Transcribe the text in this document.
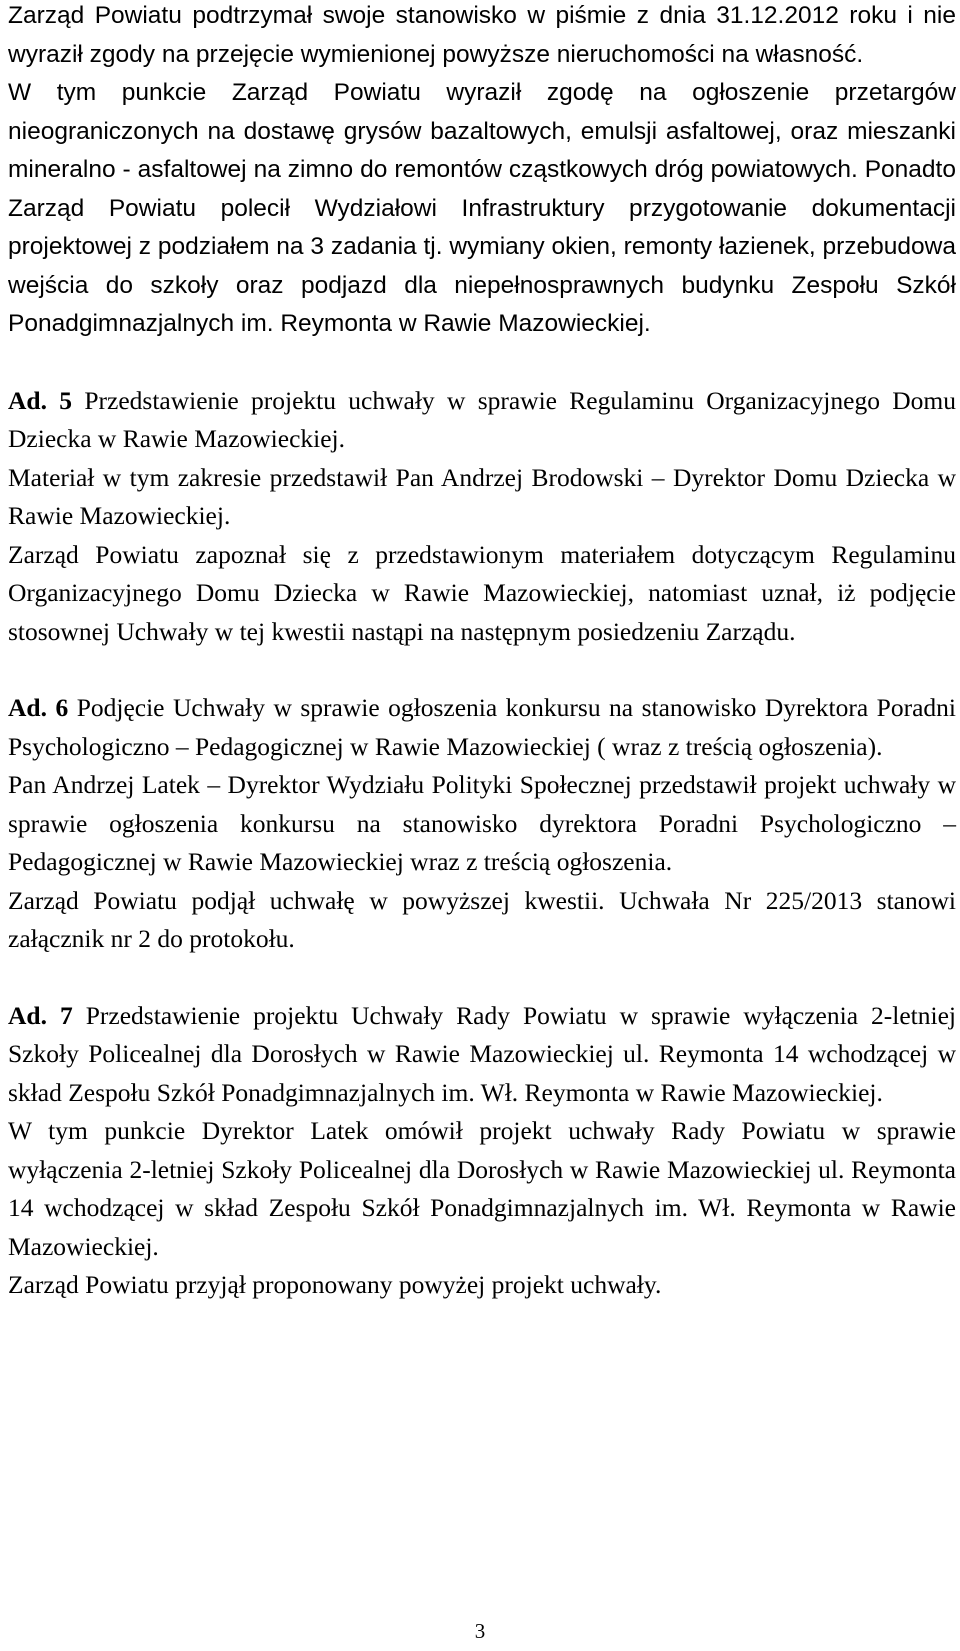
Zarząd Powiatu podtrzymał swoje stanowisko w piśmie z dnia 31.12.2012 roku i nie wyraził zgody na przejęcie wymienionej powyższe nieruchomości na własność.

W tym punkcie Zarząd Powiatu wyraził zgodę na ogłoszenie przetargów nieograniczonych na dostawę grysów bazaltowych, emulsji asfaltowej, oraz mieszanki mineralno - asfaltowej na zimno do remontów cząstkowych dróg powiatowych. Ponadto Zarząd Powiatu polecił Wydziałowi Infrastruktury przygotowanie dokumentacji projektowej z podziałem na 3 zadania tj. wymiany okien, remonty łazienek, przebudowa wejścia do szkoły oraz podjazd dla niepełnosprawnych budynku Zespołu Szkół Ponadgimnazjalnych im. Reymonta w Rawie Mazowieckiej.

Ad. 5 Przedstawienie projektu uchwały w sprawie Regulaminu Organizacyjnego Domu Dziecka w Rawie Mazowieckiej.

Materiał w tym zakresie przedstawił Pan Andrzej Brodowski – Dyrektor Domu Dziecka w Rawie Mazowieckiej.

Zarząd Powiatu zapoznał się z przedstawionym materiałem dotyczącym Regulaminu Organizacyjnego Domu Dziecka w Rawie Mazowieckiej, natomiast uznał, iż podjęcie stosownej Uchwały w tej kwestii nastąpi na następnym posiedzeniu Zarządu.

Ad. 6 Podjęcie Uchwały w sprawie ogłoszenia konkursu na stanowisko Dyrektora Poradni Psychologiczno – Pedagogicznej w Rawie Mazowieckiej ( wraz z treścią ogłoszenia).

Pan Andrzej Latek – Dyrektor Wydziału Polityki Społecznej przedstawił projekt uchwały w sprawie ogłoszenia konkursu na stanowisko dyrektora Poradni Psychologiczno – Pedagogicznej w Rawie Mazowieckiej wraz z treścią ogłoszenia.

Zarząd Powiatu podjął uchwałę w powyższej kwestii. Uchwała Nr 225/2013 stanowi załącznik nr 2 do protokołu.

Ad. 7 Przedstawienie projektu Uchwały Rady Powiatu w sprawie wyłączenia 2-letniej Szkoły Policealnej dla Dorosłych w Rawie Mazowieckiej ul. Reymonta 14 wchodzącej w skład Zespołu Szkół Ponadgimnazjalnych im. Wł. Reymonta w Rawie Mazowieckiej.

W tym punkcie Dyrektor Latek omówił projekt uchwały Rady Powiatu w sprawie wyłączenia 2-letniej Szkoły Policealnej dla Dorosłych w Rawie Mazowieckiej ul. Reymonta 14 wchodzącej w skład Zespołu Szkół Ponadgimnazjalnych im. Wł. Reymonta w Rawie Mazowieckiej.

Zarząd Powiatu przyjął proponowany powyżej projekt uchwały.

3
